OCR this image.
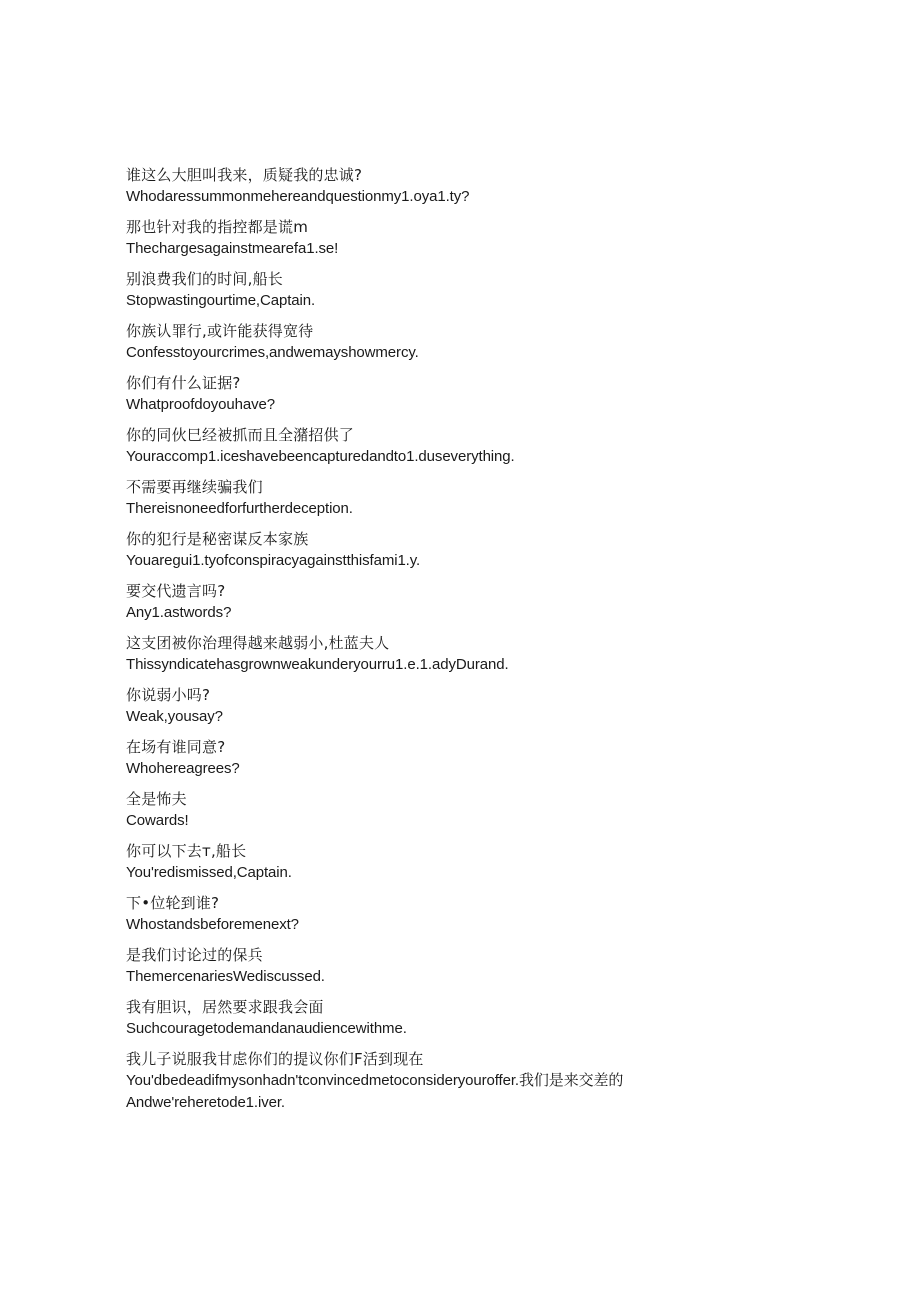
谁这么大胆叫我来，质疑我的忠诚?
Whodaressummonmehereandquestionmy1.oya1.ty?
那也针对我的指控都是谎m
Thechargesagainstmearefa1.se!
别浪费我们的时间,船长
Stopwastingourtime,Captain.
你族认罪行,或许能获得宽待
Confesstoyourcrimes,andwemayshowmercy.
你们有什么证据?
Whatproofdoyouhave?
你的同伙巳经被抓而且全潴招供了
Youraccomp1.iceshavebeencapturedandto1.duseverything.
不需要再继续骗我们
Thereisnoneedforfurtherdeception.
你的犯行是秘密谋反本家族
Youaregui1.tyofconspiracyagainstthisfami1.y.
要交代遗言吗?
Any1.astwords?
这支团被你治理得越来越弱小,杜蓝夫人
Thissyndicatehasgrownweakunderyourru1.e.1.adyDurand.
你说弱小吗?
Weak,yousay?
在场有谁同意?
Whohereagrees?
全是怖夫
Cowards!
你可以下去т,船长
You'redismissed,Captain.
下•位轮到谁?
Whostandsbeforemenext?
是我们讨论过的保兵
ThemercenariesWediscussed.
我有胆识，居然要求跟我会面
Suchcouragetodemandanaudiencewithme.
我儿子说服我甘虑你们的提议你们F活到现在
You'dbedeadifmysonhadn'tconvincedmetoconsideryouroffer.我们是来交差的
Andwe'reheretode1.iver.
